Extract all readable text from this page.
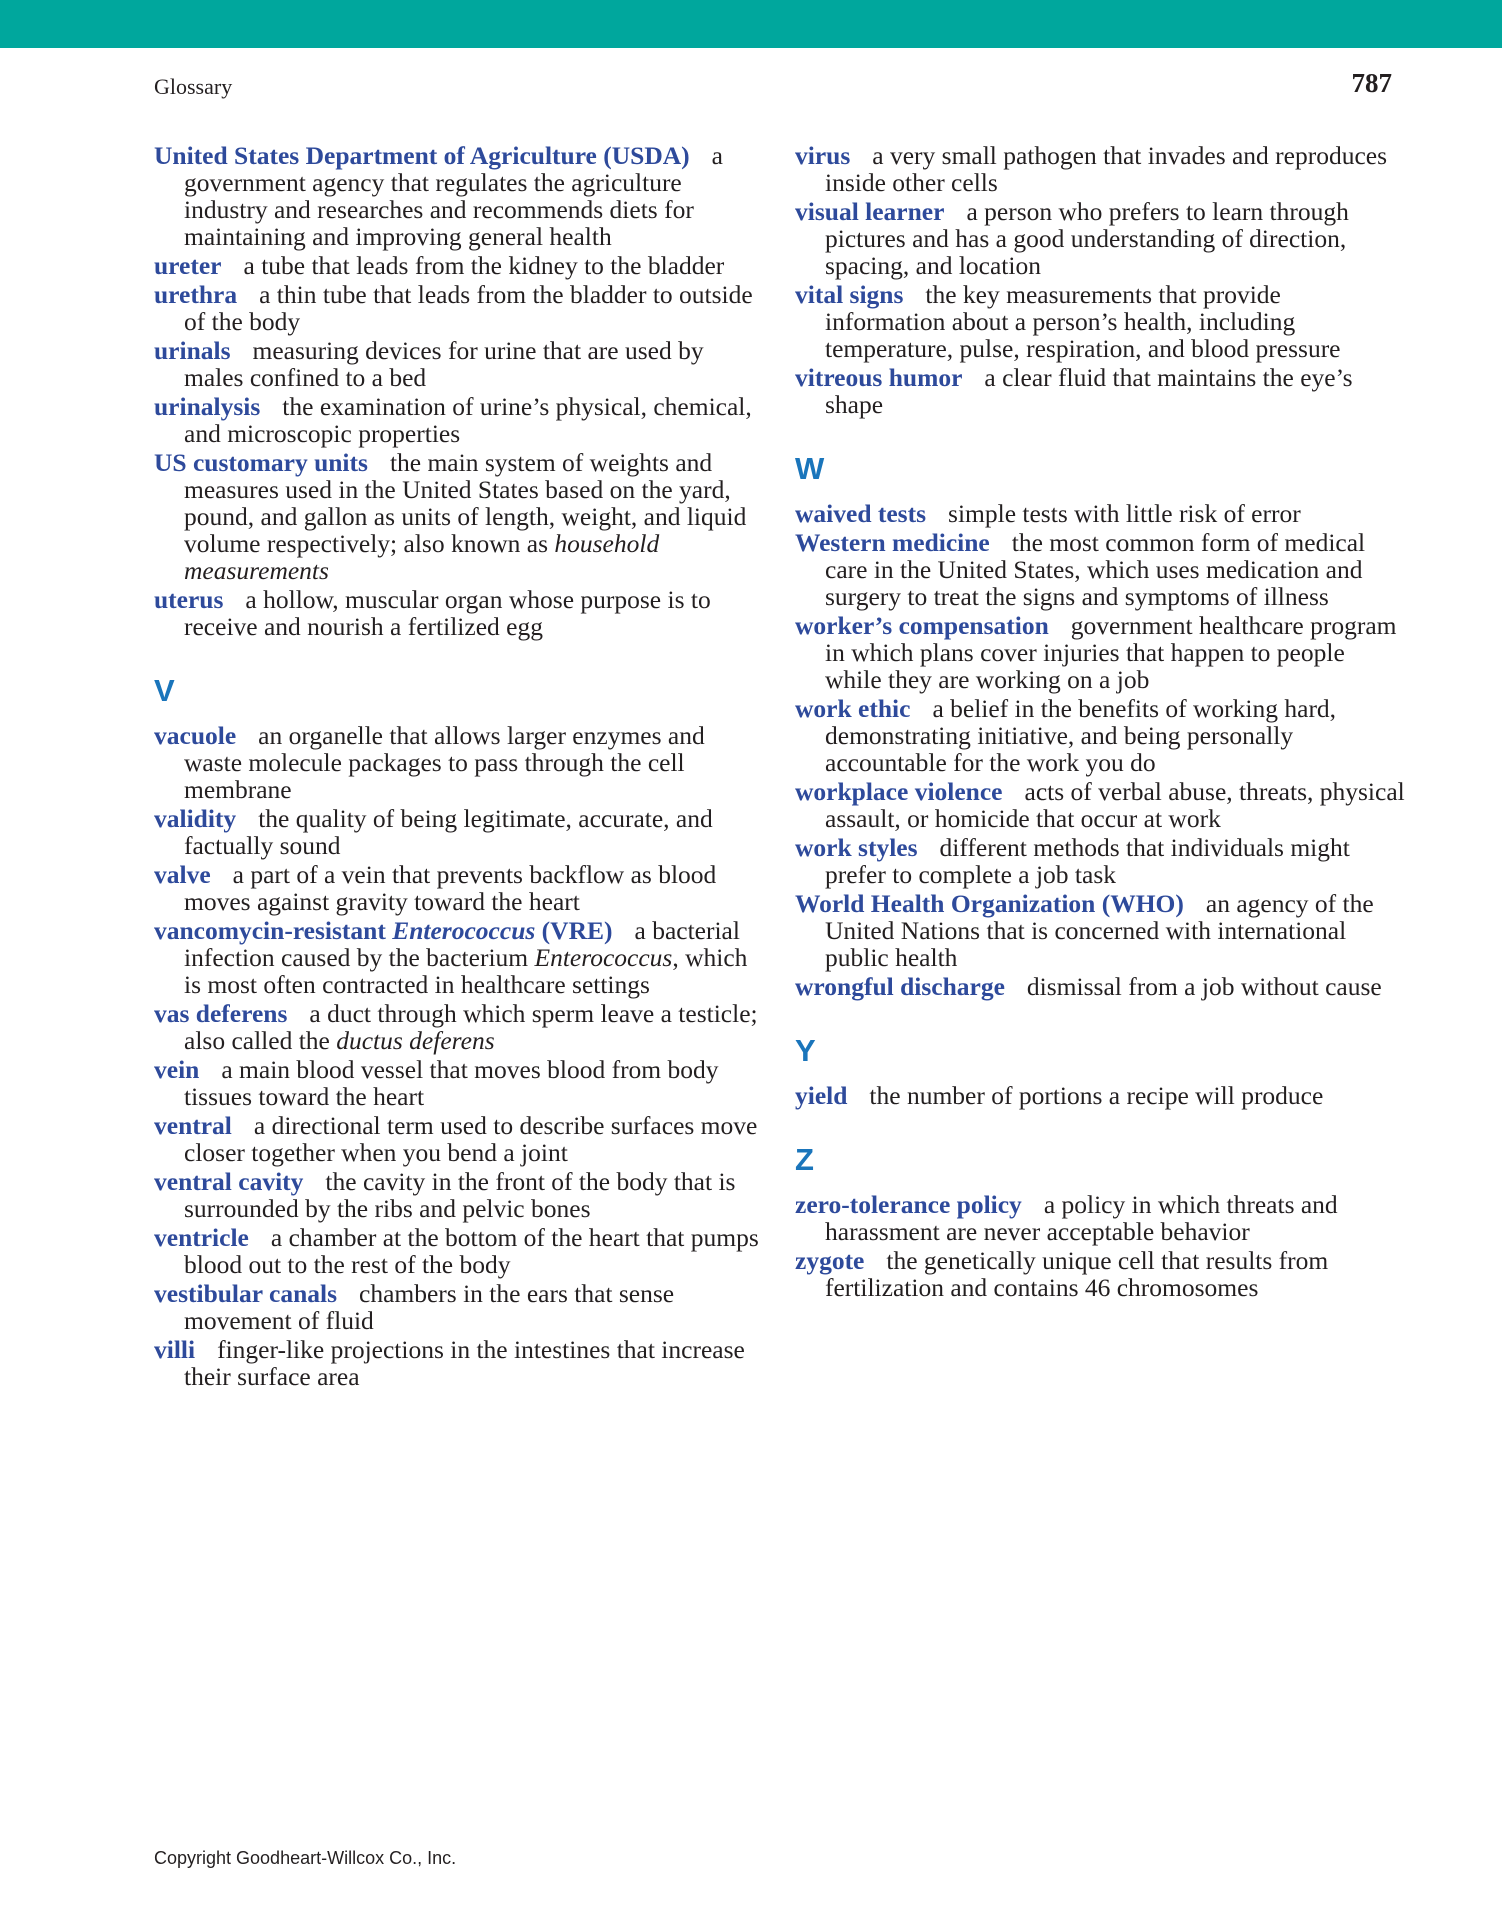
Glossary	787
United States Department of Agriculture (USDA) a government agency that regulates the agriculture industry and researches and recommends diets for maintaining and improving general health
ureter a tube that leads from the kidney to the bladder
urethra a thin tube that leads from the bladder to outside of the body
urinals measuring devices for urine that are used by males confined to a bed
urinalysis the examination of urine’s physical, chemical, and microscopic properties
US customary units the main system of weights and measures used in the United States based on the yard, pound, and gallon as units of length, weight, and liquid volume respectively; also known as household measurements
uterus a hollow, muscular organ whose purpose is to receive and nourish a fertilized egg
V
vacuole an organelle that allows larger enzymes and waste molecule packages to pass through the cell membrane
validity the quality of being legitimate, accurate, and factually sound
valve a part of a vein that prevents backflow as blood moves against gravity toward the heart
vancomycin-resistant Enterococcus (VRE) a bacterial infection caused by the bacterium Enterococcus, which is most often contracted in healthcare settings
vas deferens a duct through which sperm leave a testicle; also called the ductus deferens
vein a main blood vessel that moves blood from body tissues toward the heart
ventral a directional term used to describe surfaces move closer together when you bend a joint
ventral cavity the cavity in the front of the body that is surrounded by the ribs and pelvic bones
ventricle a chamber at the bottom of the heart that pumps blood out to the rest of the body
vestibular canals chambers in the ears that sense movement of fluid
villi finger-like projections in the intestines that increase their surface area
virus a very small pathogen that invades and reproduces inside other cells
visual learner a person who prefers to learn through pictures and has a good understanding of direction, spacing, and location
vital signs the key measurements that provide information about a person’s health, including temperature, pulse, respiration, and blood pressure
vitreous humor a clear fluid that maintains the eye’s shape
W
waived tests simple tests with little risk of error
Western medicine the most common form of medical care in the United States, which uses medication and surgery to treat the signs and symptoms of illness
worker’s compensation government healthcare program in which plans cover injuries that happen to people while they are working on a job
work ethic a belief in the benefits of working hard, demonstrating initiative, and being personally accountable for the work you do
workplace violence acts of verbal abuse, threats, physical assault, or homicide that occur at work
work styles different methods that individuals might prefer to complete a job task
World Health Organization (WHO) an agency of the United Nations that is concerned with international public health
wrongful discharge dismissal from a job without cause
Y
yield the number of portions a recipe will produce
Z
zero-tolerance policy a policy in which threats and harassment are never acceptable behavior
zygote the genetically unique cell that results from fertilization and contains 46 chromosomes
Copyright Goodheart-Willcox Co., Inc.
